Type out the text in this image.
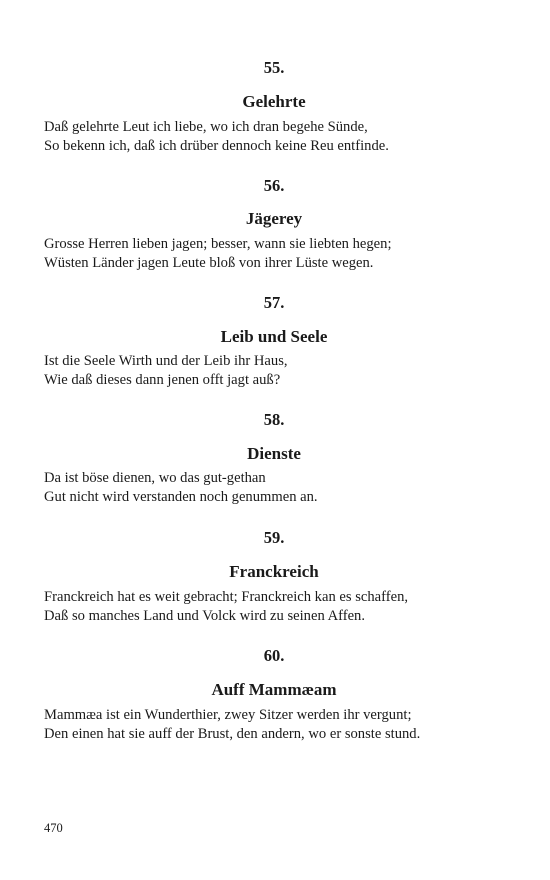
55.
Gelehrte
Daß gelehrte Leut ich liebe, wo ich dran begehe Sünde,
So bekenn ich, daß ich drüber dennoch keine Reu entfinde.
56.
Jägerey
Grosse Herren lieben jagen; besser, wann sie liebten hegen;
Wüsten Länder jagen Leute bloß von ihrer Lüste wegen.
57.
Leib und Seele
Ist die Seele Wirth und der Leib ihr Haus,
Wie daß dieses dann jenen offt jagt auß?
58.
Dienste
Da ist böse dienen, wo das gut-gethan
Gut nicht wird verstanden noch genummen an.
59.
Franckreich
Franckreich hat es weit gebracht; Franckreich kan es schaffen,
Daß so manches Land und Volck wird zu seinen Affen.
60.
Auff Mammæam
Mammæa ist ein Wunderthier, zwey Sitzer werden ihr vergunt;
Den einen hat sie auff der Brust, den andern, wo er sonste stund.
470
